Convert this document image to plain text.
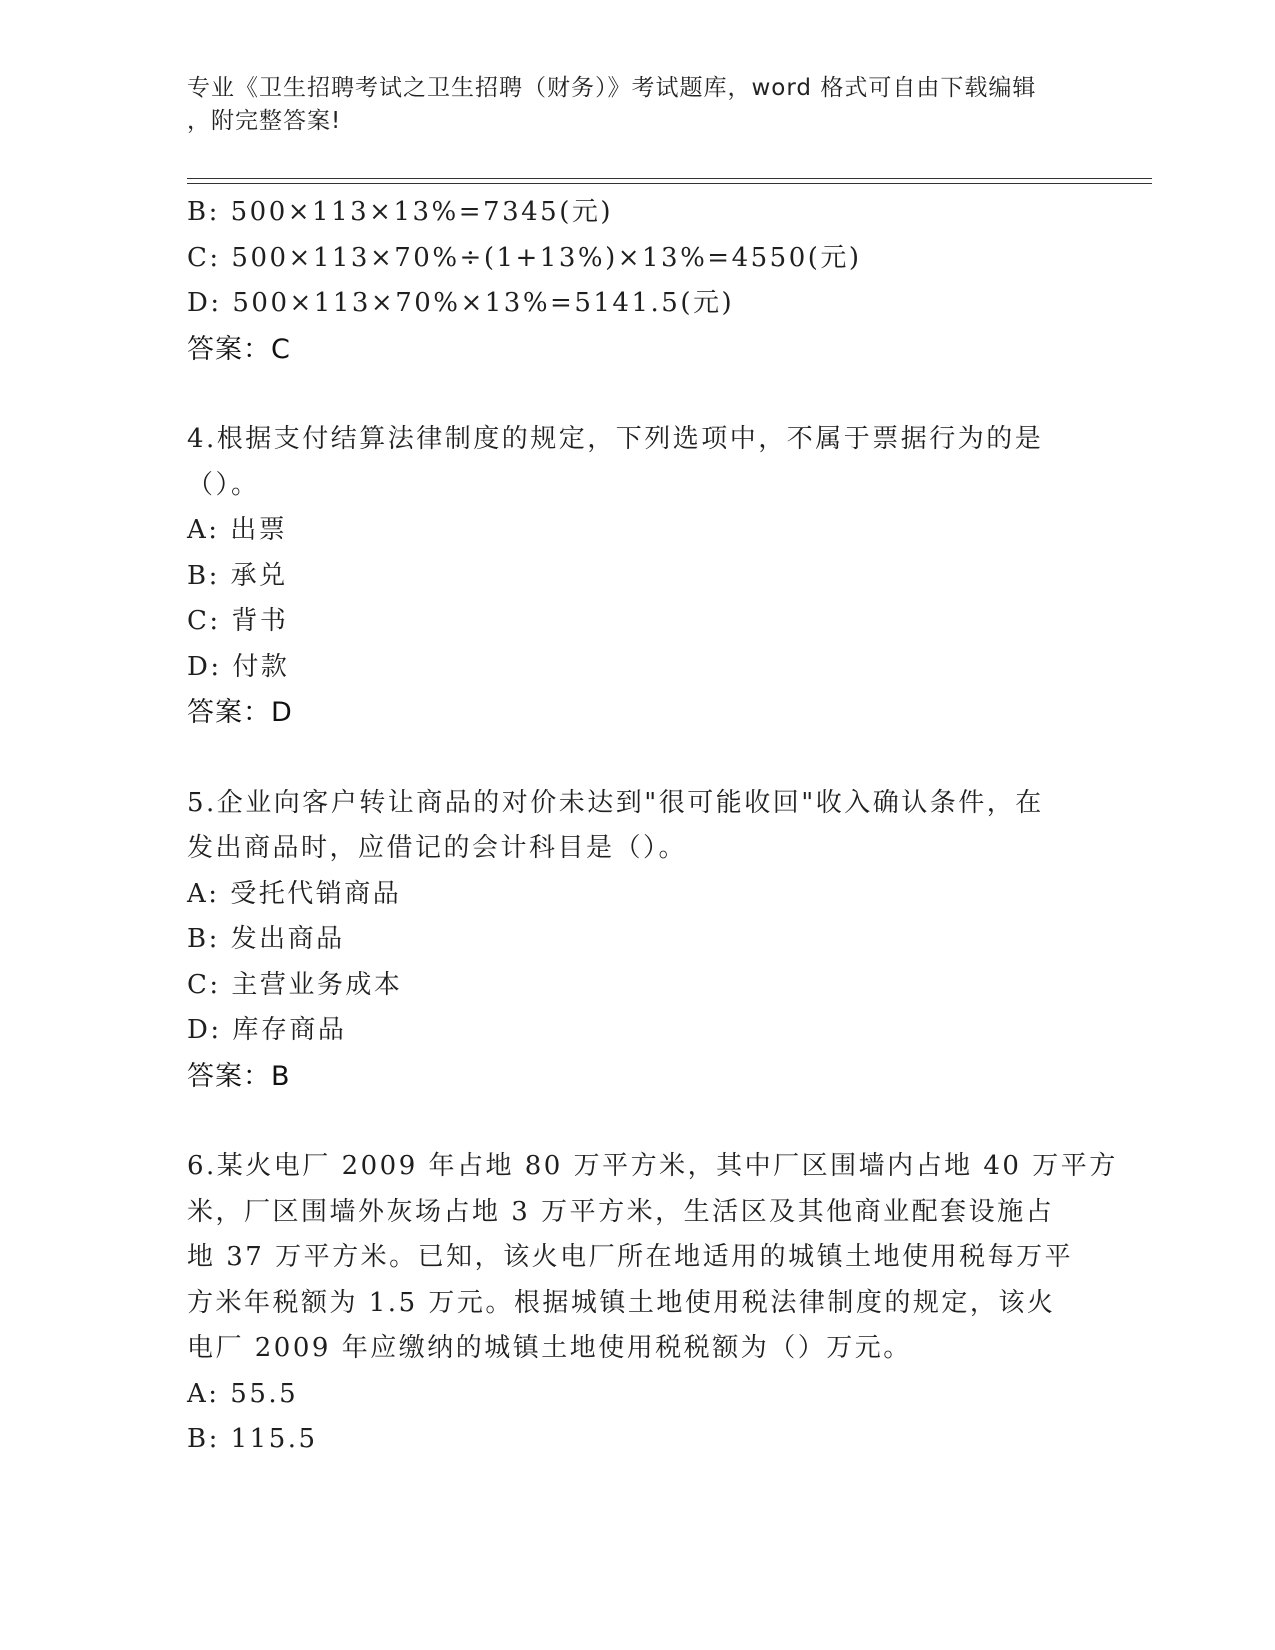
专业《卫生招聘考试之卫生招聘（财务）》考试题库，word 格式可自由下载编辑
，附完整答案!
B: 500×113×13%=7345(元)
C: 500×113×70%÷(1+13%)×13%=4550(元)
D: 500×113×70%×13%=5141.5(元)
答案：C
4.根据支付结算法律制度的规定，下列选项中，不属于票据行为的是
（）。
A: 出票
B: 承兑
C: 背书
D: 付款
答案：D
5.企业向客户转让商品的对价未达到"很可能收回"收入确认条件，在
发出商品时，应借记的会计科目是（）。
A: 受托代销商品
B: 发出商品
C: 主营业务成本
D: 库存商品
答案：B
6.某火电厂 2009 年占地 80 万平方米，其中厂区围墙内占地 40 万平方
米，厂区围墙外灰场占地 3 万平方米，生活区及其他商业配套设施占
地 37 万平方米。已知，该火电厂所在地适用的城镇土地使用税每万平
方米年税额为 1.5 万元。根据城镇土地使用税法律制度的规定，该火
电厂 2009 年应缴纳的城镇土地使用税税额为（）万元。
A: 55.5
B: 115.5
